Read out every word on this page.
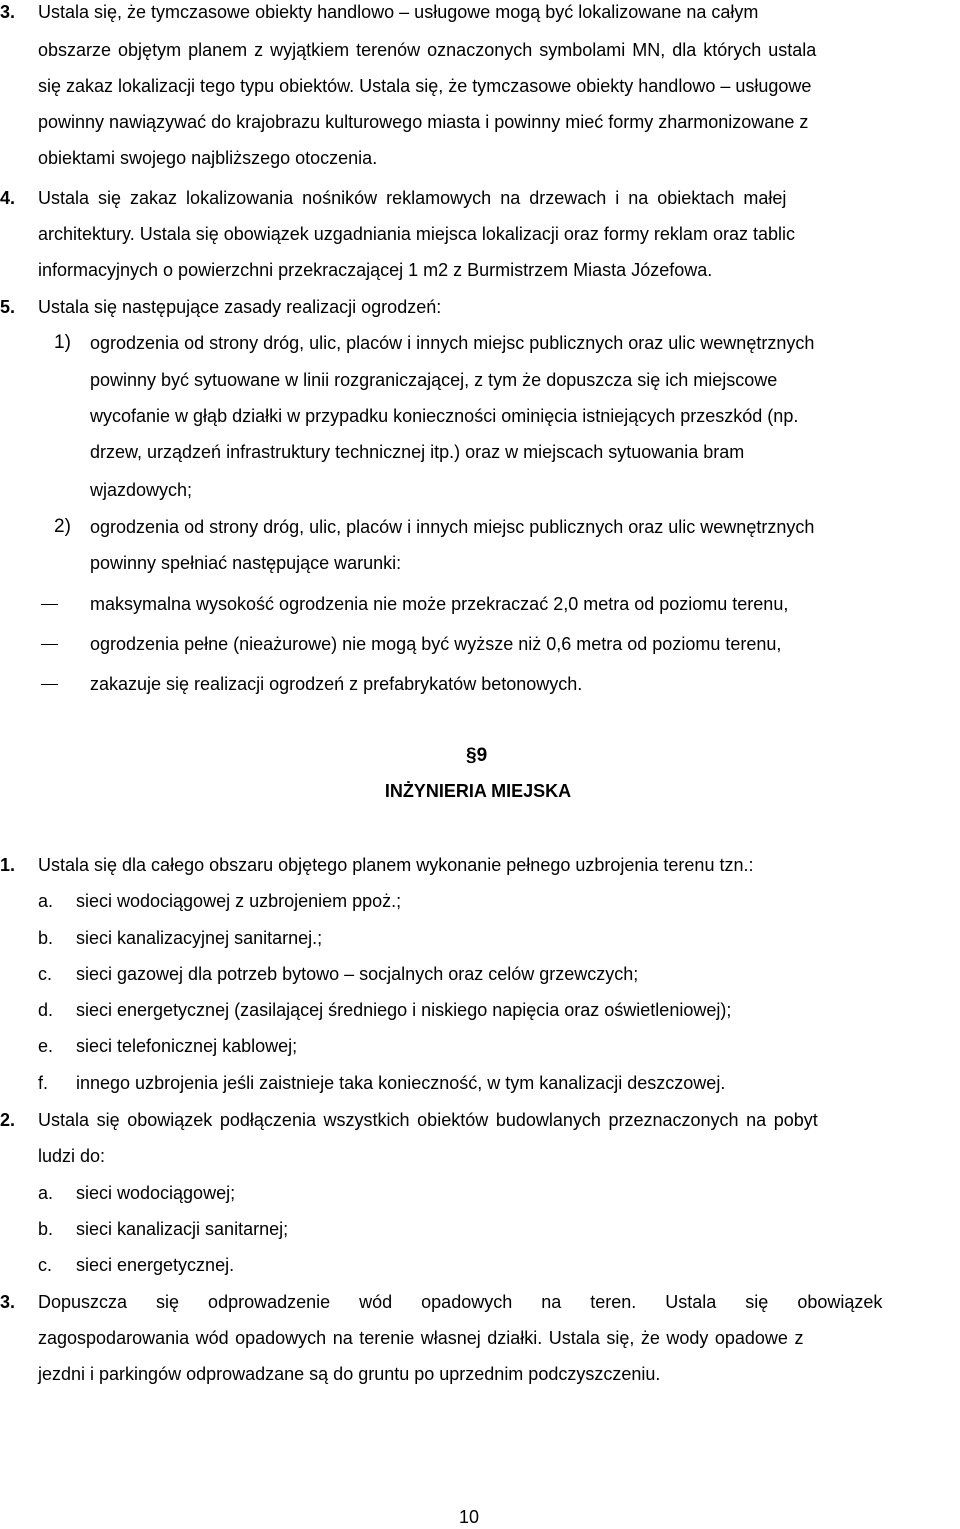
3. Ustala się, że tymczasowe obiekty handlowo – usługowe mogą być lokalizowane na całym
obszarze objętym planem z wyjątkiem terenów oznaczonych symbolami MN, dla których ustala
się zakaz lokalizacji tego typu obiektów. Ustala się, że tymczasowe obiekty handlowo – usługowe
powinny nawiązywać do krajobrazu kulturowego miasta i powinny mieć formy zharmonizowane z
obiektami swojego najbliższego otoczenia.
4. Ustala się zakaz lokalizowania nośników reklamowych na drzewach i na obiektach małej
architektury. Ustala się obowiązek uzgadniania miejsca lokalizacji oraz formy reklam oraz tablic
informacyjnych o powierzchni przekraczającej 1 m2 z Burmistrzem Miasta Józefowa.
5. Ustala się następujące zasady realizacji ogrodzeń:
1) ogrodzenia od strony dróg, ulic, placów i innych miejsc publicznych oraz ulic wewnętrznych
powinny być sytuowane w linii rozgraniczającej, z tym że dopuszcza się ich miejscowe
wycofanie w głąb działki w przypadku konieczności ominięcia istniejących przeszkód (np.
drzew, urządzeń infrastruktury technicznej itp.) oraz w miejscach sytuowania bram
wjazdowych;
2) ogrodzenia od strony dróg, ulic, placów i innych miejsc publicznych oraz ulic wewnętrznych
powinny spełniać następujące warunki:
maksymalna wysokość ogrodzenia nie może przekraczać 2,0 metra od poziomu terenu,
ogrodzenia pełne (nieażurowe) nie mogą być wyższe niż 0,6 metra od poziomu terenu,
zakazuje się realizacji ogrodzeń z prefabrykatów betonowych.
§9
INŻYNIERIA MIEJSKA
1. Ustala się dla całego obszaru objętego planem wykonanie pełnego uzbrojenia terenu tzn.:
a. sieci wodociągowej z uzbrojeniem ppoż.;
b. sieci kanalizacyjnej sanitarnej.;
c. sieci gazowej dla potrzeb bytowo – socjalnych oraz celów grzewczych;
d. sieci energetycznej (zasilającej średniego i niskiego napięcia oraz oświetleniowej);
e. sieci telefonicznej kablowej;
f. innego uzbrojenia jeśli zaistnieje taka konieczność, w tym kanalizacji deszczowej.
2. Ustala się obowiązek podłączenia wszystkich obiektów budowlanych przeznaczonych na pobyt
ludzi do:
a. sieci wodociągowej;
b. sieci kanalizacji sanitarnej;
c. sieci energetycznej.
3. Dopuszcza się odprowadzenie wód opadowych na teren. Ustala się obowiązek
zagospodarowania wód opadowych na terenie własnej działki. Ustala się, że wody opadowe z
jezdni i parkingów odprowadzane są do gruntu po uprzednim podczyszczeniu.
10
